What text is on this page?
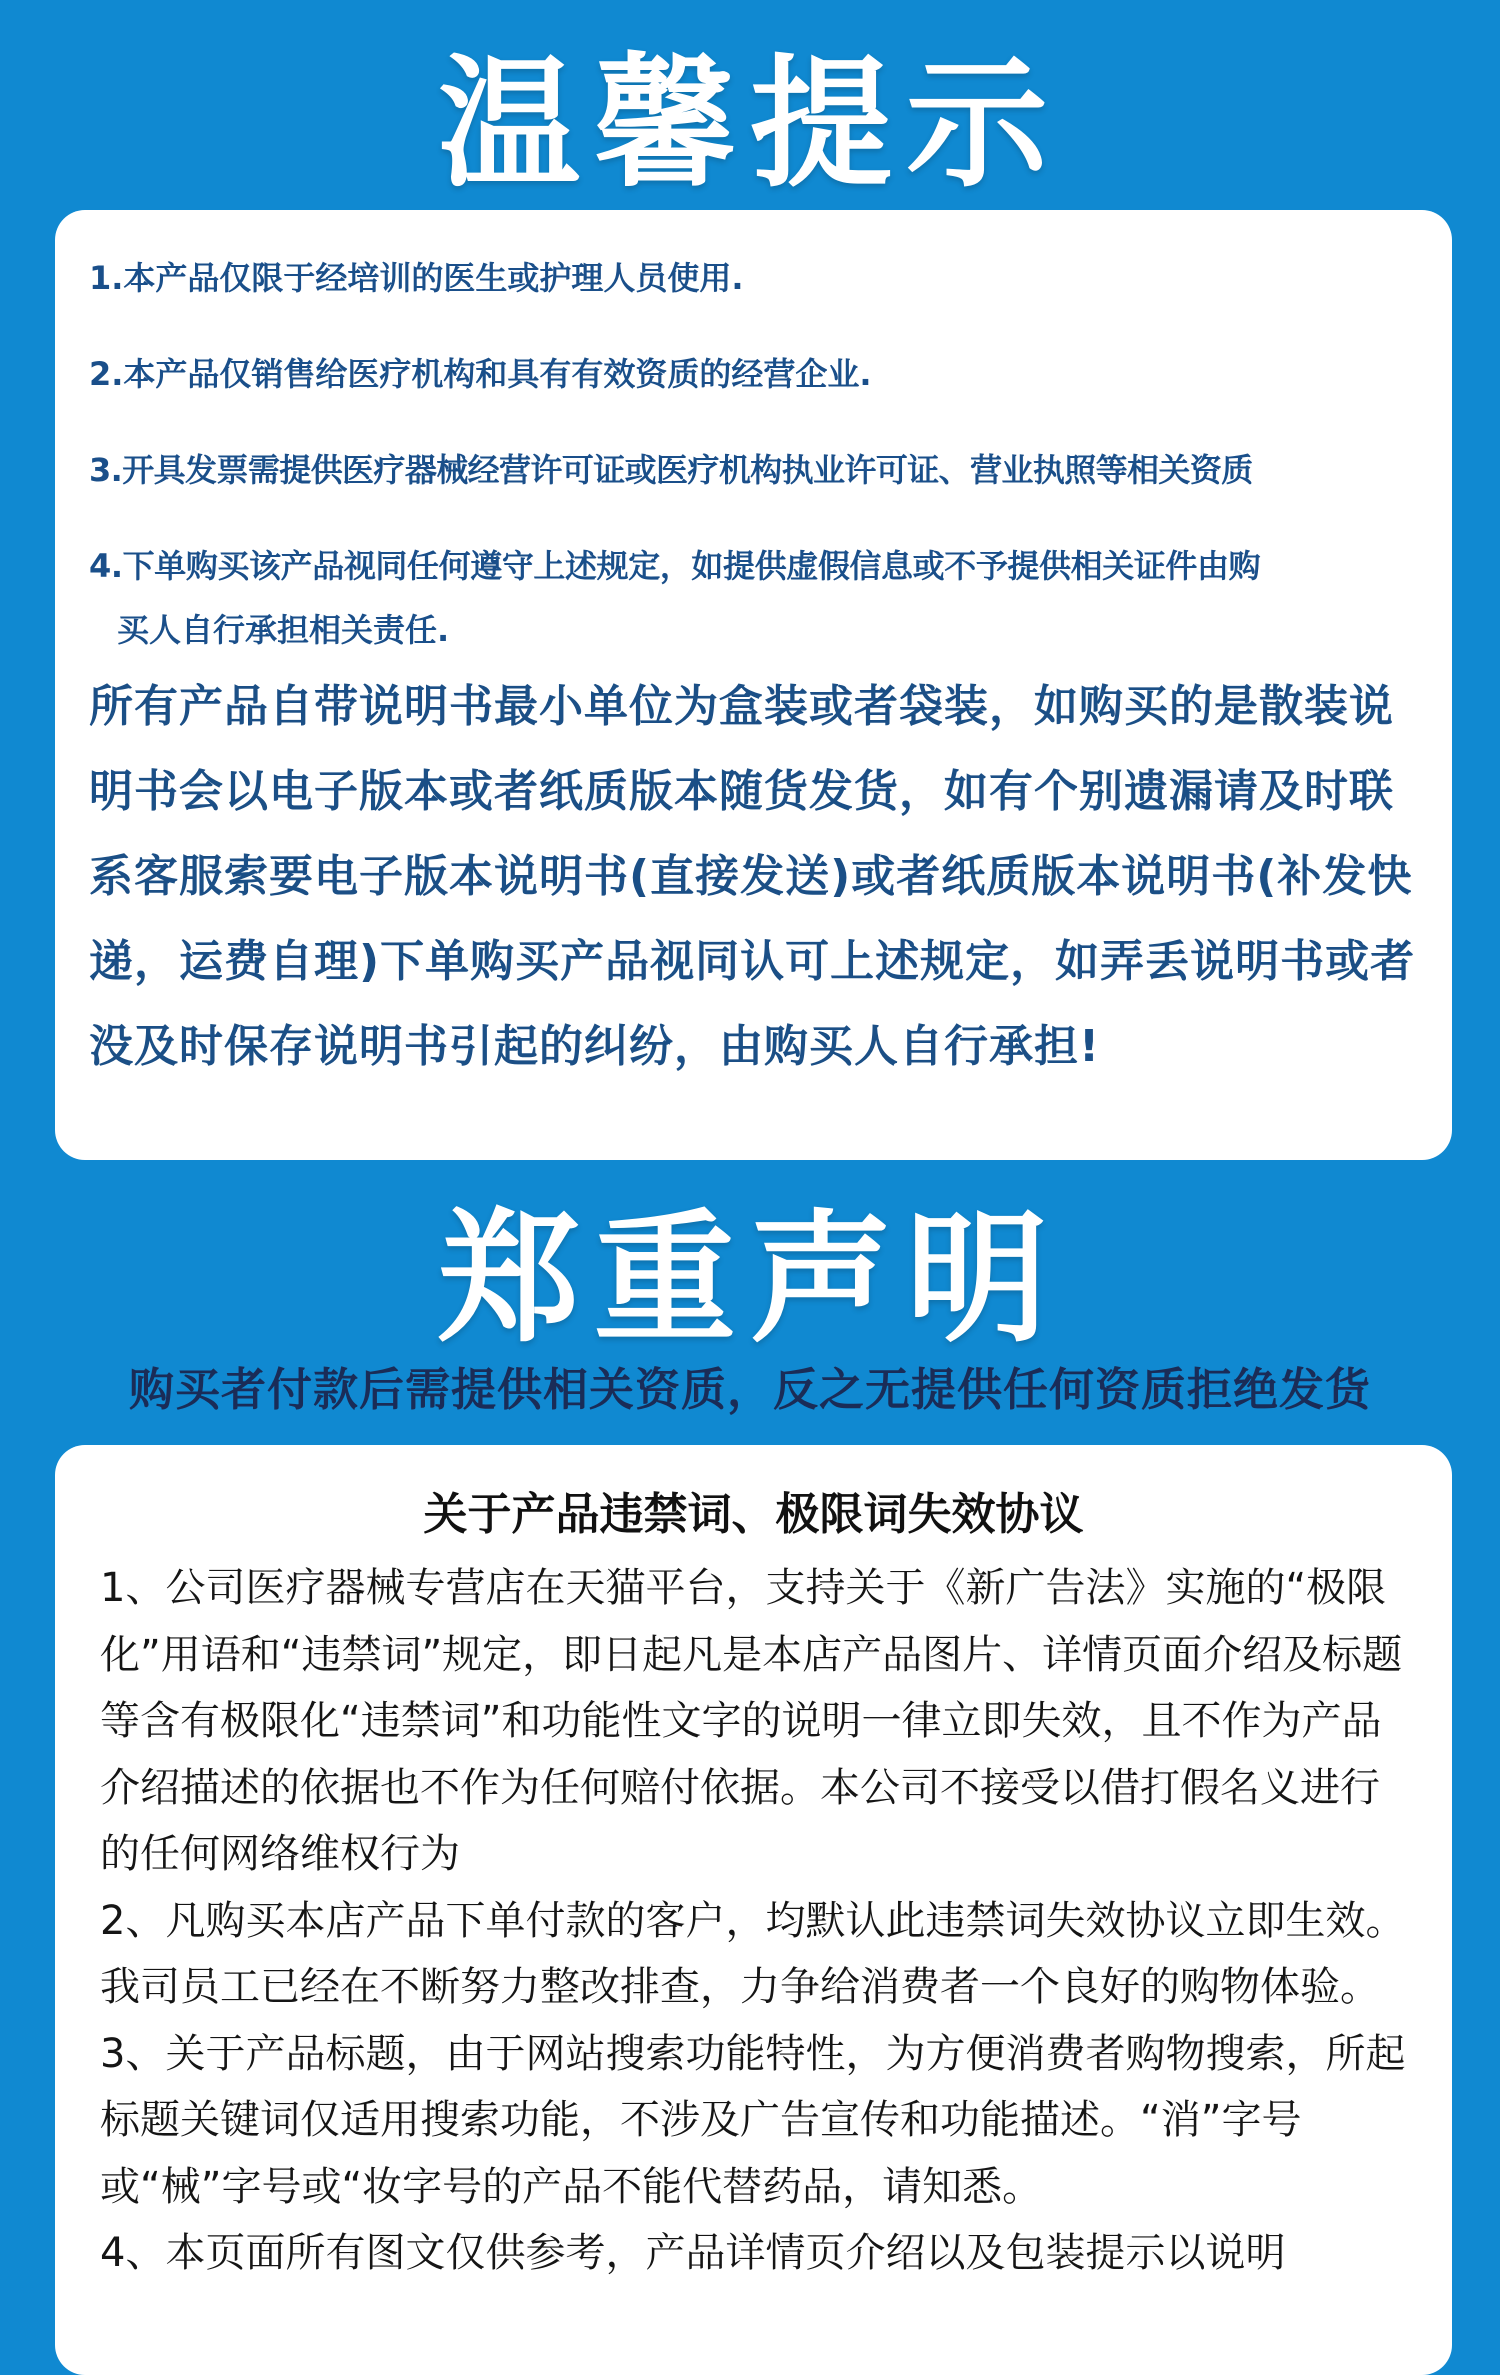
温馨提示
1.本产品仅限于经培训的医生或护理人员使用.
2.本产品仅销售给医疗机构和具有有效资质的经营企业.
3.开具发票需提供医疗器械经营许可证或医疗机构执业许可证、营业执照等相关资质
4.下单购买该产品视同任何遵守上述规定，如提供虚假信息或不予提供相关证件由购
买人自行承担相关责任.
所有产品自带说明书最小单位为盒装或者袋装，如购买的是散装说明书会以电子版本或者纸质版本随货发货，如有个别遗漏请及时联系客服索要电子版本说明书(直接发送)或者纸质版本说明书(补发快递，运费自理)下单购买产品视同认可上述规定，如弄丢说明书或者没及时保存说明书引起的纠纷，由购买人自行承担!
郑重声明
购买者付款后需提供相关资质，反之无提供任何资质拒绝发货
关于产品违禁词、极限词失效协议

1、公司医疗器械专营店在天猫平台，支持关于《新广告法》实施的“极限化”用语和“违禁词”规定，即日起凡是本店产品图片、详情页面介绍及标题等含有极限化“违禁词”和功能性文字的说明一律立即失效，且不作为产品介绍描述的依据也不作为任何赔付依据。本公司不接受以借打假名义进行的任何网络维权行为

2、凡购买本店产品下单付款的客户，均默认此违禁词失效协议立即生效。我司员工已经在不断努力整改排查，力争给消费者一个良好的购物体验。

3、关于产品标题，由于网站搜索功能特性，为方便消费者购物搜索，所起标题关键词仅适用搜索功能，不涉及广告宣传和功能描述。“消”字号或“械”字号或“妆字号的产品不能代替药品，请知悉。

4、本页面所有图文仅供参考，产品详情页介绍以及包装提示以说明
